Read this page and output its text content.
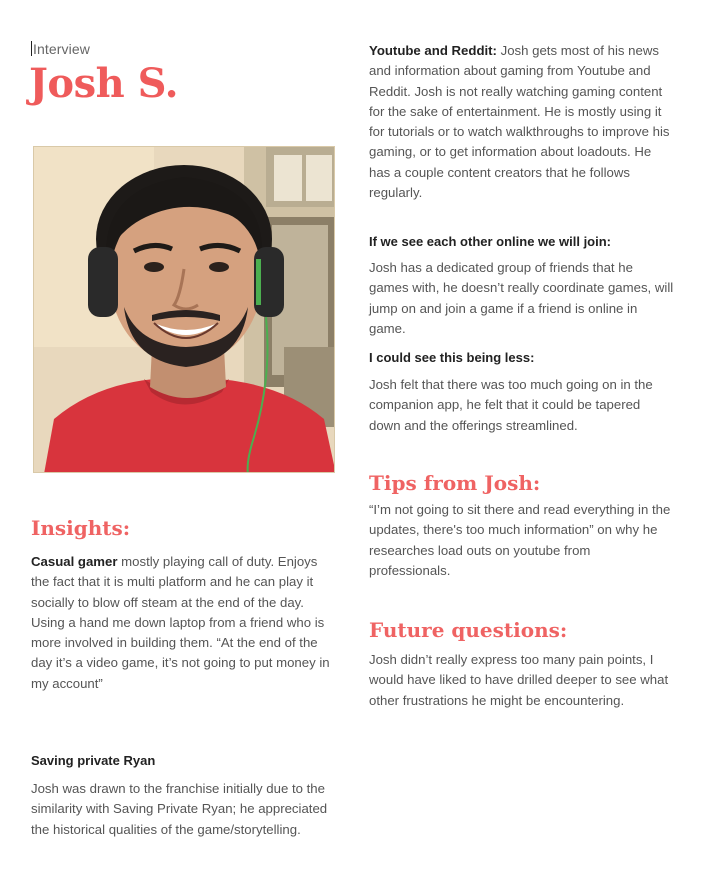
Interview
Josh S.
Insights:

Casual gamer mostly playing call of duty. Enjoys the fact that it is multi platform and he can play it socially to blow off steam at the end of the day. Using a hand me down laptop from a friend who is more involved in building them. “At the end of the day it’s a video game, it’s not going to put money in my account”

Saving private Ryan

Josh was drawn to the franchise initially due to the similarity with Saving Private Ryan; he appreciated the historical qualities of the game/storytelling.

Youtube and Reddit: Josh gets most of his news and information about gaming from Youtube and Reddit. Josh is not really watching gaming content for the sake of entertainment. He is mostly using it for tutorials or to watch walkthroughs to improve his gaming, or to get information about loadouts. He has a couple content creators that he follows regularly.

If we see each other online we will join:

Josh has a dedicated group of friends that he games with, he doesn’t really coordinate games, will jump on and join a game if a friend is online in game.

I could see this being less:

Josh felt that there was too much going on in the companion app, he felt that it could be tapered down and the offerings streamlined.

Tips from Josh:

“I’m not going to sit there and read everything in the updates, there's too much information” on why he researches load outs on youtube from professionals.

Future questions:

Josh didn’t really express too many pain points, I would have liked to have drilled deeper to see what other frustrations he might be encountering.
